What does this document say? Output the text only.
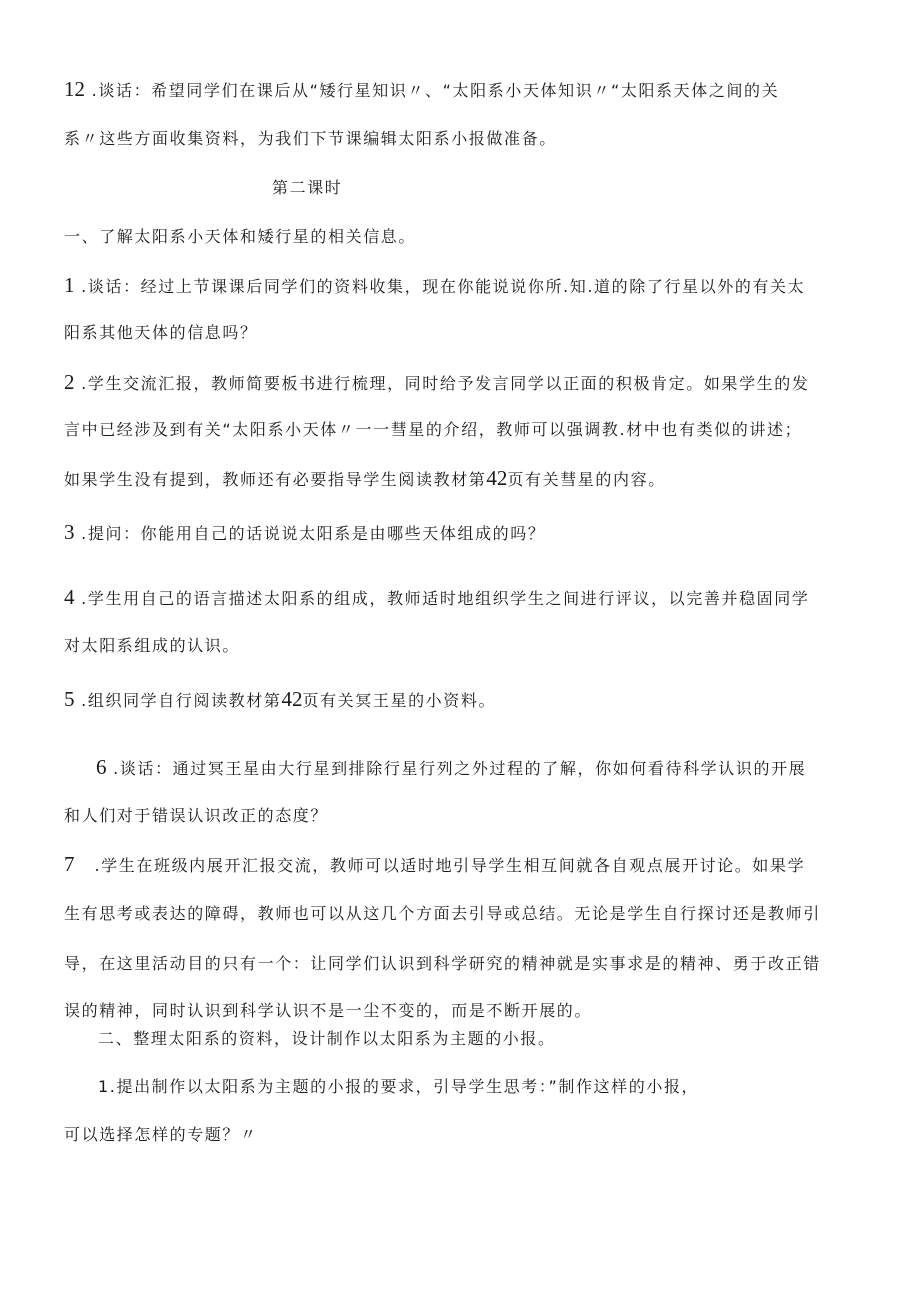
12 .谈话：希望同学们在课后从“矮行星知识〃、“太阳系小天体知识〃“太阳系天体之间的关
系〃这些方面收集资料，为我们下节课编辑太阳系小报做准备。
第二课时
一、了解太阳系小天体和矮行星的相关信息。
1 .谈话：经过上节课课后同学们的资料收集，现在你能说说你所.知.道的除了行星以外的有关太
阳系其他天体的信息吗？
2 .学生交流汇报，教师简要板书进行梳理，同时给予发言同学以正面的积极肯定。如果学生的发
言中已经涉及到有关“太阳系小天体〃一一彗星的介绍，教师可以强调教.材中也有类似的讲述；
如果学生没有提到，教师还有必要指导学生阅读教材第42页有关彗星的内容。
3 .提问：你能用自己的话说说太阳系是由哪些天体组成的吗？
4 .学生用自己的语言描述太阳系的组成，教师适时地组织学生之间进行评议，以完善并稳固同学
对太阳系组成的认识。
5 .组织同学自行阅读教材第42页有关冥王星的小资料。
6 .谈话：通过冥王星由大行星到排除行星行列之外过程的了解，你如何看待科学认识的开展
和人们对于错误认识改正的态度？
7 .学生在班级内展开汇报交流，教师可以适时地引导学生相互间就各自观点展开讨论。如果学
生有思考或表达的障碍，教师也可以从这几个方面去引导或总结。无论是学生自行探讨还是教师引
导，在这里活动目的只有一个：让同学们认识到科学研究的精神就是实事求是的精神、勇于改正错
误的精神，同时认识到科学认识不是一尘不变的，而是不断开展的。
二、整理太阳系的资料，设计制作以太阳系为主题的小报。
1.提出制作以太阳系为主题的小报的要求，引导学生思考：”制作这样的小报，
可以选择怎样的专题？〃
